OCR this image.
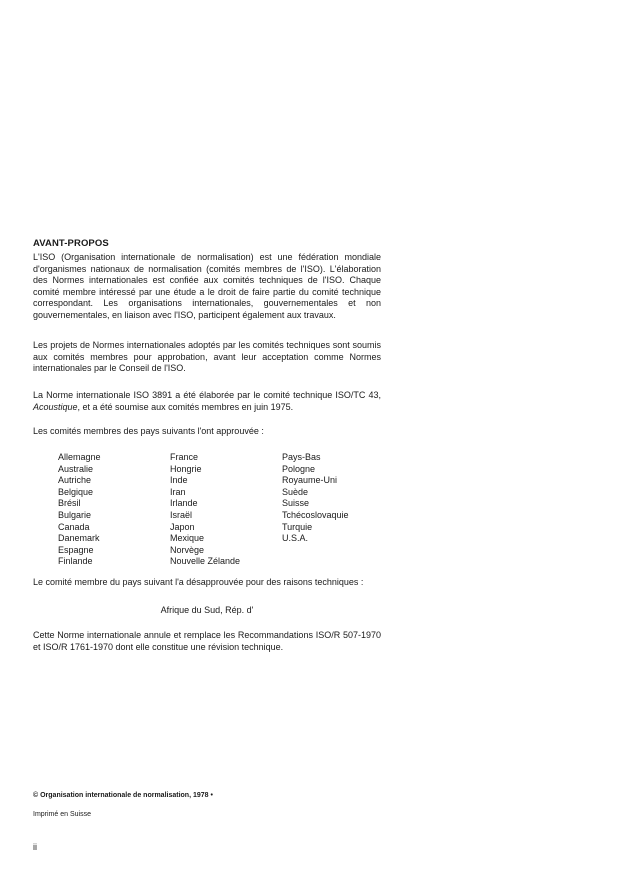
AVANT-PROPOS

L'ISO (Organisation internationale de normalisation) est une fédération mondiale d'organismes nationaux de normalisation (comités membres de l'ISO). L'élaboration des Normes internationales est confiée aux comités techniques de l'ISO. Chaque comité membre intéressé par une étude a le droit de faire partie du comité technique correspondant. Les organisations internationales, gouvernementales et non gouvernementales, en liaison avec l'ISO, participent également aux travaux.

Les projets de Normes internationales adoptés par les comités techniques sont soumis aux comités membres pour approbation, avant leur acceptation comme Normes internationales par le Conseil de l'ISO.

La Norme internationale ISO 3891 a été élaborée par le comité technique ISO/TC 43, Acoustique, et a été soumise aux comités membres en juin 1975.

Les comités membres des pays suivants l'ont approuvée :

Allemagne
Australie
Autriche
Belgique
Brésil
Bulgarie
Canada
Danemark
Espagne
Finlande
France
Hongrie
Inde
Iran
Irlande
Israël
Japon
Mexique
Norvège
Nouvelle Zélande
Pays-Bas
Pologne
Royaume-Uni
Suède
Suisse
Tchécoslovaquie
Turquie
U.S.A.

Le comité membre du pays suivant l'a désapprouvée pour des raisons techniques :

Afrique du Sud, Rép. d'

Cette Norme internationale annule et remplace les Recommandations ISO/R 507-1970 et ISO/R 1761-1970 dont elle constitue une révision technique.

© Organisation internationale de normalisation, 1978 •
Imprimé en Suisse
ii
